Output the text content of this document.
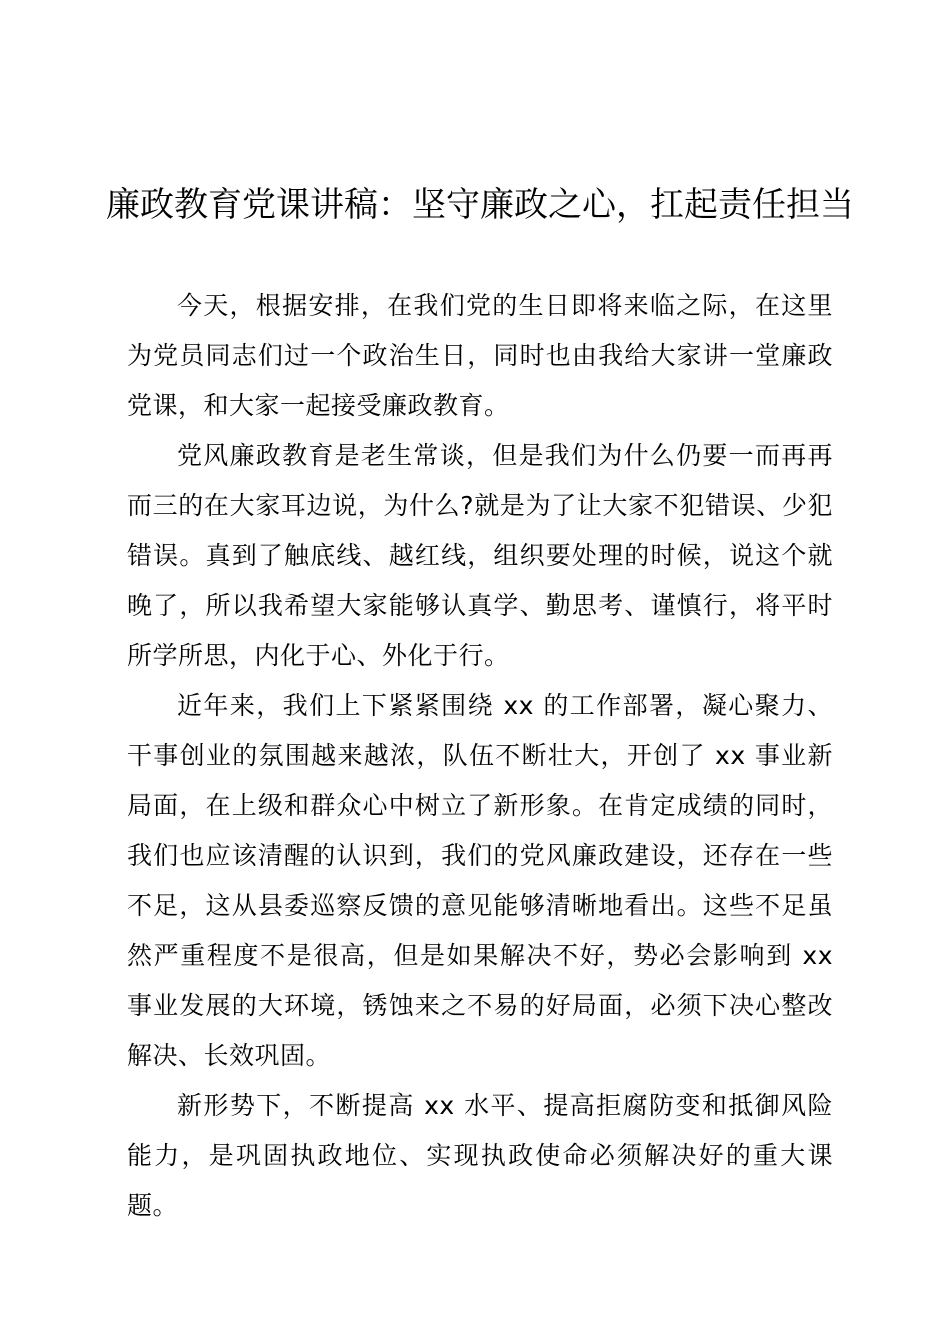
廉政教育党课讲稿：坚守廉政之心，扛起责任担当

今天，根据安排，在我们党的生日即将来临之际，在这里为党员同志们过一个政治生日，同时也由我给大家讲一堂廉政党课，和大家一起接受廉政教育。

党风廉政教育是老生常谈，但是我们为什么仍要一而再再而三的在大家耳边说，为什么?就是为了让大家不犯错误、少犯错误。真到了触底线、越红线，组织要处理的时候，说这个就晚了，所以我希望大家能够认真学、勤思考、谨慎行，将平时所学所思，内化于心、外化于行。

近年来，我们上下紧紧围绕 xx 的工作部署，凝心聚力、干事创业的氛围越来越浓，队伍不断壮大，开创了 xx 事业新局面，在上级和群众心中树立了新形象。在肯定成绩的同时，我们也应该清醒的认识到，我们的党风廉政建设，还存在一些不足，这从县委巡察反馈的意见能够清晰地看出。这些不足虽然严重程度不是很高，但是如果解决不好，势必会影响到 xx 事业发展的大环境，锈蚀来之不易的好局面，必须下决心整改解决、长效巩固。

新形势下，不断提高 xx 水平、提高拒腐防变和抵御风险能力，是巩固执政地位、实现执政使命必须解决好的重大课题。
